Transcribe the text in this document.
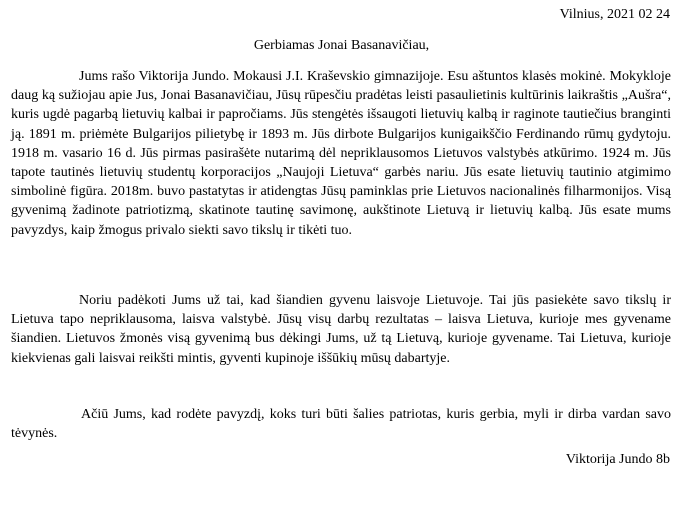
Vilnius, 2021 02 24
Gerbiamas Jonai Basanavičiau,

Jums rašo Viktorija Jundo. Mokausi J.I. Kraševskio gimnazijoje. Esu aštuntos klasės mokinė. Mokykloje daug ką sužiojau apie Jus, Jonai Basanavičiau, Jūsų rūpesčiu pradėtas leisti pasaulietinis kultūrinis laikraštis „Aušra“, kuris ugdė pagarbą lietuvių kalbai ir papročiams. Jūs stengėtės išsaugoti lietuvių kalbą ir raginote tautiečius branginti ją. 1891 m. priėmėte Bulgarijos pilietybę ir 1893 m. Jūs dirbote Bulgarijos kunigaikščio Ferdinando rūmų gydytoju. 1918 m. vasario 16 d. Jūs pirmas pasirašėte nutarimą dėl nepriklausomos Lietuvos valstybės atkūrimo. 1924 m. Jūs tapote tautinės lietuvių studentų korporacijos „Naujoji Lietuva“ garbės nariu. Jūs esate lietuvių tautinio atgimimo simbolinė figūra. 2018m. buvo pastatytas ir atidengtas Jūsų paminklas prie Lietuvos nacionalinės filharmonijos. Visą gyvenimą žadinote patriotizmą, skatinote tautinę savimonę, aukštinote Lietuvą ir lietuvių kalbą. Jūs esate mums pavyzdys, kaip žmogus privalo siekti savo tikslų ir tikėti tuo.

Noriu padėkoti Jums už tai, kad šiandien gyvenu laisvoje Lietuvoje. Tai jūs pasiekėte savo tikslų ir Lietuva tapo nepriklausoma, laisva valstybė. Jūsų visų darbų rezultatas – laisva Lietuva, kurioje mes gyvename šiandien. Lietuvos žmonės visą gyvenimą bus dėkingi Jums, už tą Lietuvą, kurioje gyvename. Tai Lietuva, kurioje kiekvienas gali laisvai reikšti mintis, gyventi kupinoje iššūkių mūsų dabartyje.

Ačiū Jums, kad rodėte pavyzdį, koks turi būti šalies patriotas, kuris gerbia, myli ir dirba vardan savo tėvynės.

Viktorija Jundo 8b
